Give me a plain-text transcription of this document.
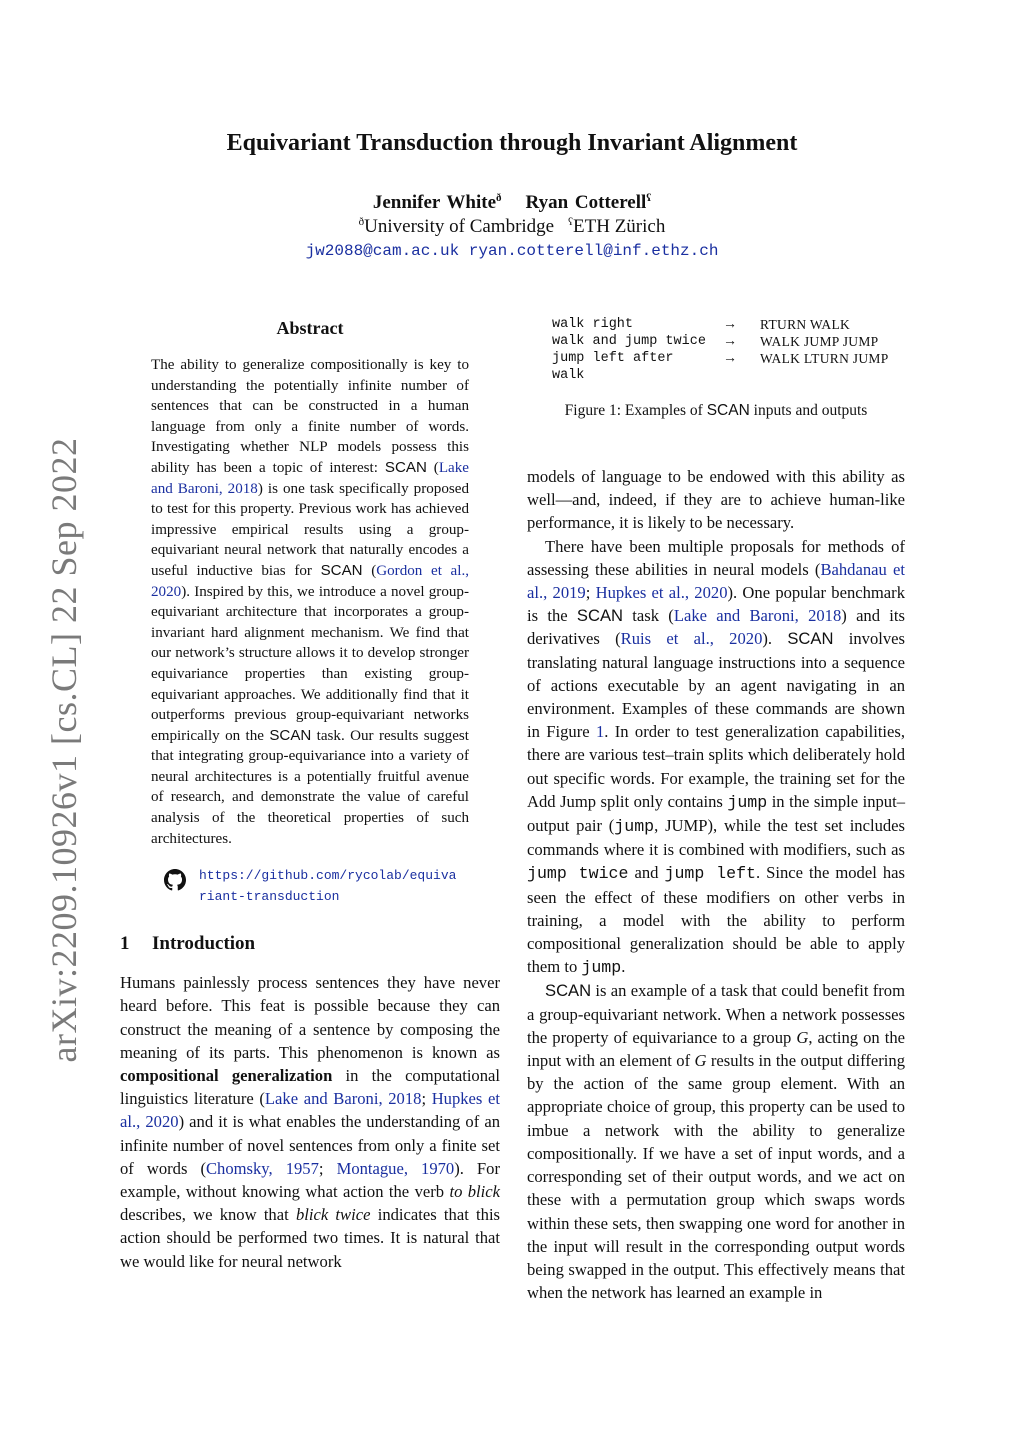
arXiv:2209.10926v1 [cs.CL] 22 Sep 2022
Equivariant Transduction through Invariant Alignment
Jennifer White$^ð$ Ryan Cotterell$^ʕ$
$^ð$University of Cambridge $^ʕ$ETH Zürich
jw2088@cam.ac.uk ryan.cotterell@inf.ethz.ch
Abstract
The ability to generalize compositionally is key to understanding the potentially infinite number of sentences that can be constructed in a human language from only a finite number of words. Investigating whether NLP models possess this ability has been a topic of interest: SCAN (Lake and Baroni, 2018) is one task specifically proposed to test for this property. Previous work has achieved impressive empirical results using a group-equivariant neural network that naturally encodes a useful inductive bias for SCAN (Gordon et al., 2020). Inspired by this, we introduce a novel group-equivariant architecture that incorporates a group-invariant hard alignment mechanism. We find that our network’s structure allows it to develop stronger equivariance properties than existing group-equivariant approaches. We additionally find that it outperforms previous group-equivariant networks empirically on the SCAN task. Our results suggest that integrating group-equivariance into a variety of neural architectures is a potentially fruitful avenue of research, and demonstrate the value of careful analysis of the theoretical properties of such architectures.
https://github.com/rycolab/equivariant-transduction
1 Introduction
Humans painlessly process sentences they have never heard before. This feat is possible because they can construct the meaning of a sentence by composing the meaning of its parts. This phenomenon is known as compositional generalization in the computational linguistics literature (Lake and Baroni, 2018; Hupkes et al., 2020) and it is what enables the understanding of an infinite number of novel sentences from only a finite set of words (Chomsky, 1957; Montague, 1970). For example, without knowing what action the verb to blick describes, we know that blick twice indicates that this action should be performed two times. It is natural that we would like for neural network
walk right	→	RTURN WALK
walk and jump twice	→	WALK JUMP JUMP
jump left after walk	→	WALK LTURN JUMP
Figure 1: Examples of SCAN inputs and outputs

models of language to be endowed with this ability as well—and, indeed, if they are to achieve human-like performance, it is likely to be necessary.

There have been multiple proposals for methods of assessing these abilities in neural models (Bahdanau et al., 2019; Hupkes et al., 2020). One popular benchmark is the SCAN task (Lake and Baroni, 2018) and its derivatives (Ruis et al., 2020). SCAN involves translating natural language instructions into a sequence of actions executable by an agent navigating in an environment. Examples of these commands are shown in Figure 1. In order to test generalization capabilities, there are various test–train splits which deliberately hold out specific words. For example, the training set for the Add Jump split only contains jump in the simple input–output pair (jump, JUMP), while the test set includes commands where it is combined with modifiers, such as jump twice and jump left. Since the model has seen the effect of these modifiers on other verbs in training, a model with the ability to perform compositional generalization should be able to apply them to jump.

SCAN is an example of a task that could benefit from a group-equivariant network. When a network possesses the property of equivariance to a group G, acting on the input with an element of G results in the output differing by the action of the same group element. With an appropriate choice of group, this property can be used to imbue a network with the ability to generalize compositionally. If we have a set of input words, and a corresponding set of their output words, and we act on these with a permutation group which swaps words within these sets, then swapping one word for another in the input will result in the corresponding output words being swapped in the output. This effectively means that when the network has learned an example in
